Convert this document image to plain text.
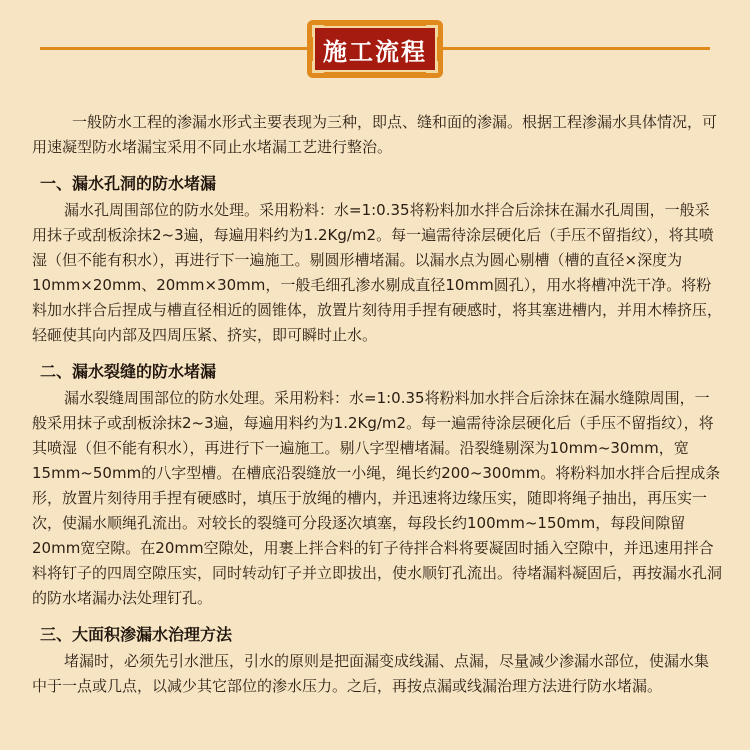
施工流程

一般防水工程的渗漏水形式主要表现为三种，即点、缝和面的渗漏。根据工程渗漏水具体情况，可用速凝型防水堵漏宝采用不同止水堵漏工艺进行整治。

一、漏水孔洞的防水堵漏

漏水孔周围部位的防水处理。采用粉料：水=1:0.35将粉料加水拌合后涂抹在漏水孔周围，一般采用抹子或刮板涂抹2~3遍，每遍用料约为1.2Kg/m2。每一遍需待涂层硬化后（手压不留指纹），将其喷湿（但不能有积水），再进行下一遍施工。剔圆形槽堵漏。以漏水点为圆心剔槽（槽的直径×深度为10mm×20mm、20mm×30mm，一般毛细孔渗水剔成直径10mm圆孔），用水将槽冲洗干净。将粉料加水拌合后捏成与槽直径相近的圆锥体，放置片刻待用手捏有硬感时，将其塞进槽内，并用木棒挤压，轻砸使其向内部及四周压紧、挤实，即可瞬时止水。

二、漏水裂缝的防水堵漏

漏水裂缝周围部位的防水处理。采用粉料：水=1:0.35将粉料加水拌合后涂抹在漏水缝隙周围，一般采用抹子或刮板涂抹2~3遍，每遍用料约为1.2Kg/m2。每一遍需待涂层硬化后（手压不留指纹），将其喷湿（但不能有积水），再进行下一遍施工。剔八字型槽堵漏。沿裂缝剔深为10mm~30mm，宽15mm~50mm的八字型槽。在槽底沿裂缝放一小绳，绳长约200~300mm。将粉料加水拌合后捏成条形，放置片刻待用手捏有硬感时，填压于放绳的槽内，并迅速将边缘压实，随即将绳子抽出，再压实一次，使漏水顺绳孔流出。对较长的裂缝可分段逐次填塞，每段长约100mm~150mm，每段间隙留20mm宽空隙。在20mm空隙处，用裹上拌合料的钉子待拌合料将要凝固时插入空隙中，并迅速用拌合料将钉子的四周空隙压实，同时转动钉子并立即拔出，使水顺钉孔流出。待堵漏料凝固后，再按漏水孔洞的防水堵漏办法处理钉孔。

三、大面积渗漏水治理方法

堵漏时，必须先引水泄压，引水的原则是把面漏变成线漏、点漏，尽量减少渗漏水部位，使漏水集中于一点或几点，以减少其它部位的渗水压力。之后，再按点漏或线漏治理方法进行防水堵漏。
